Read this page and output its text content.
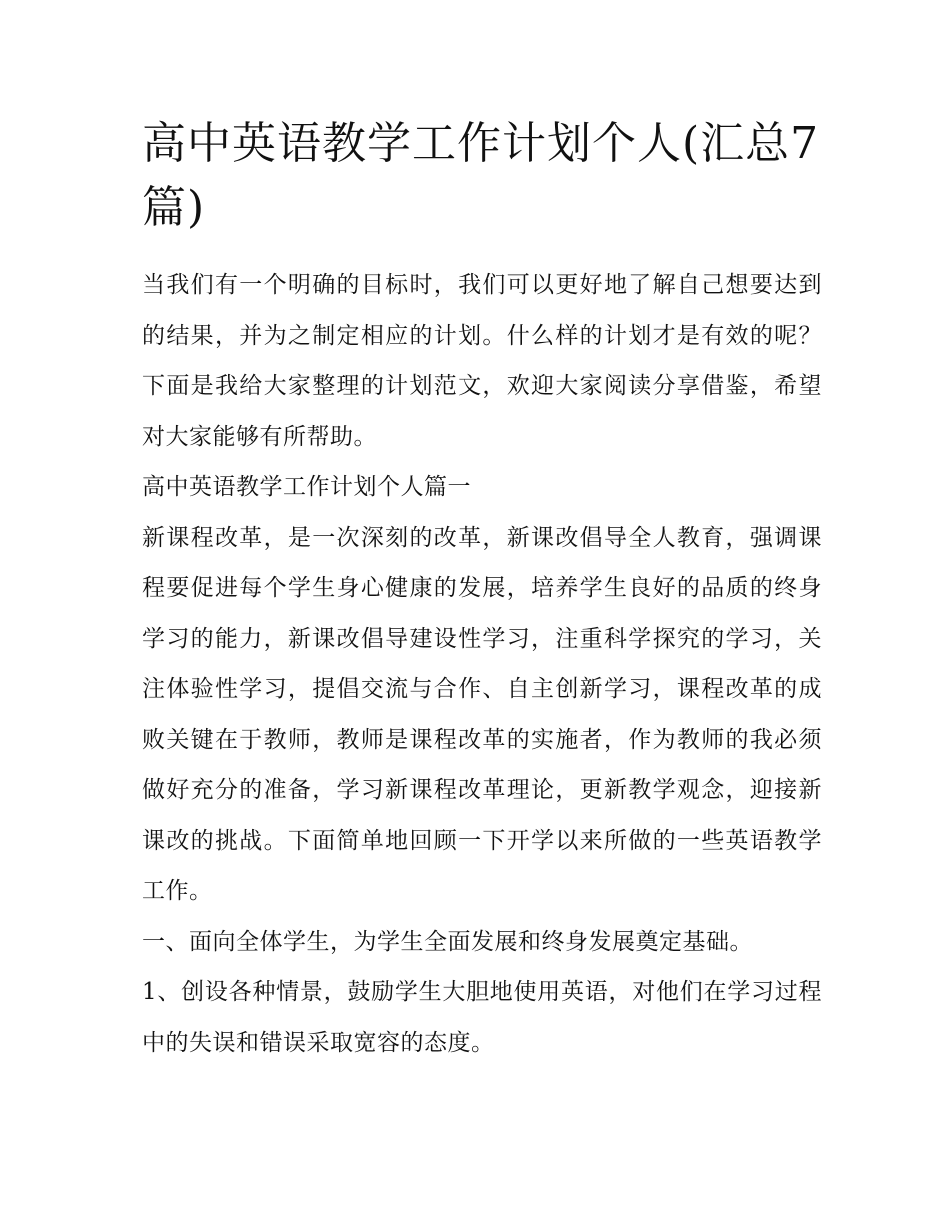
高中英语教学工作计划个人(汇总7篇)

当我们有一个明确的目标时，我们可以更好地了解自己想要达到的结果，并为之制定相应的计划。什么样的计划才是有效的呢？下面是我给大家整理的计划范文，欢迎大家阅读分享借鉴，希望对大家能够有所帮助。

高中英语教学工作计划个人篇一

新课程改革，是一次深刻的改革，新课改倡导全人教育，强调课程要促进每个学生身心健康的发展，培养学生良好的品质的终身学习的能力，新课改倡导建设性学习，注重科学探究的学习，关注体验性学习，提倡交流与合作、自主创新学习，课程改革的成败关键在于教师，教师是课程改革的实施者，作为教师的我必须做好充分的准备，学习新课程改革理论，更新教学观念，迎接新课改的挑战。下面简单地回顾一下开学以来所做的一些英语教学工作。

一、面向全体学生，为学生全面发展和终身发展奠定基础。

1、创设各种情景，鼓励学生大胆地使用英语，对他们在学习过程中的失误和错误采取宽容的态度。
